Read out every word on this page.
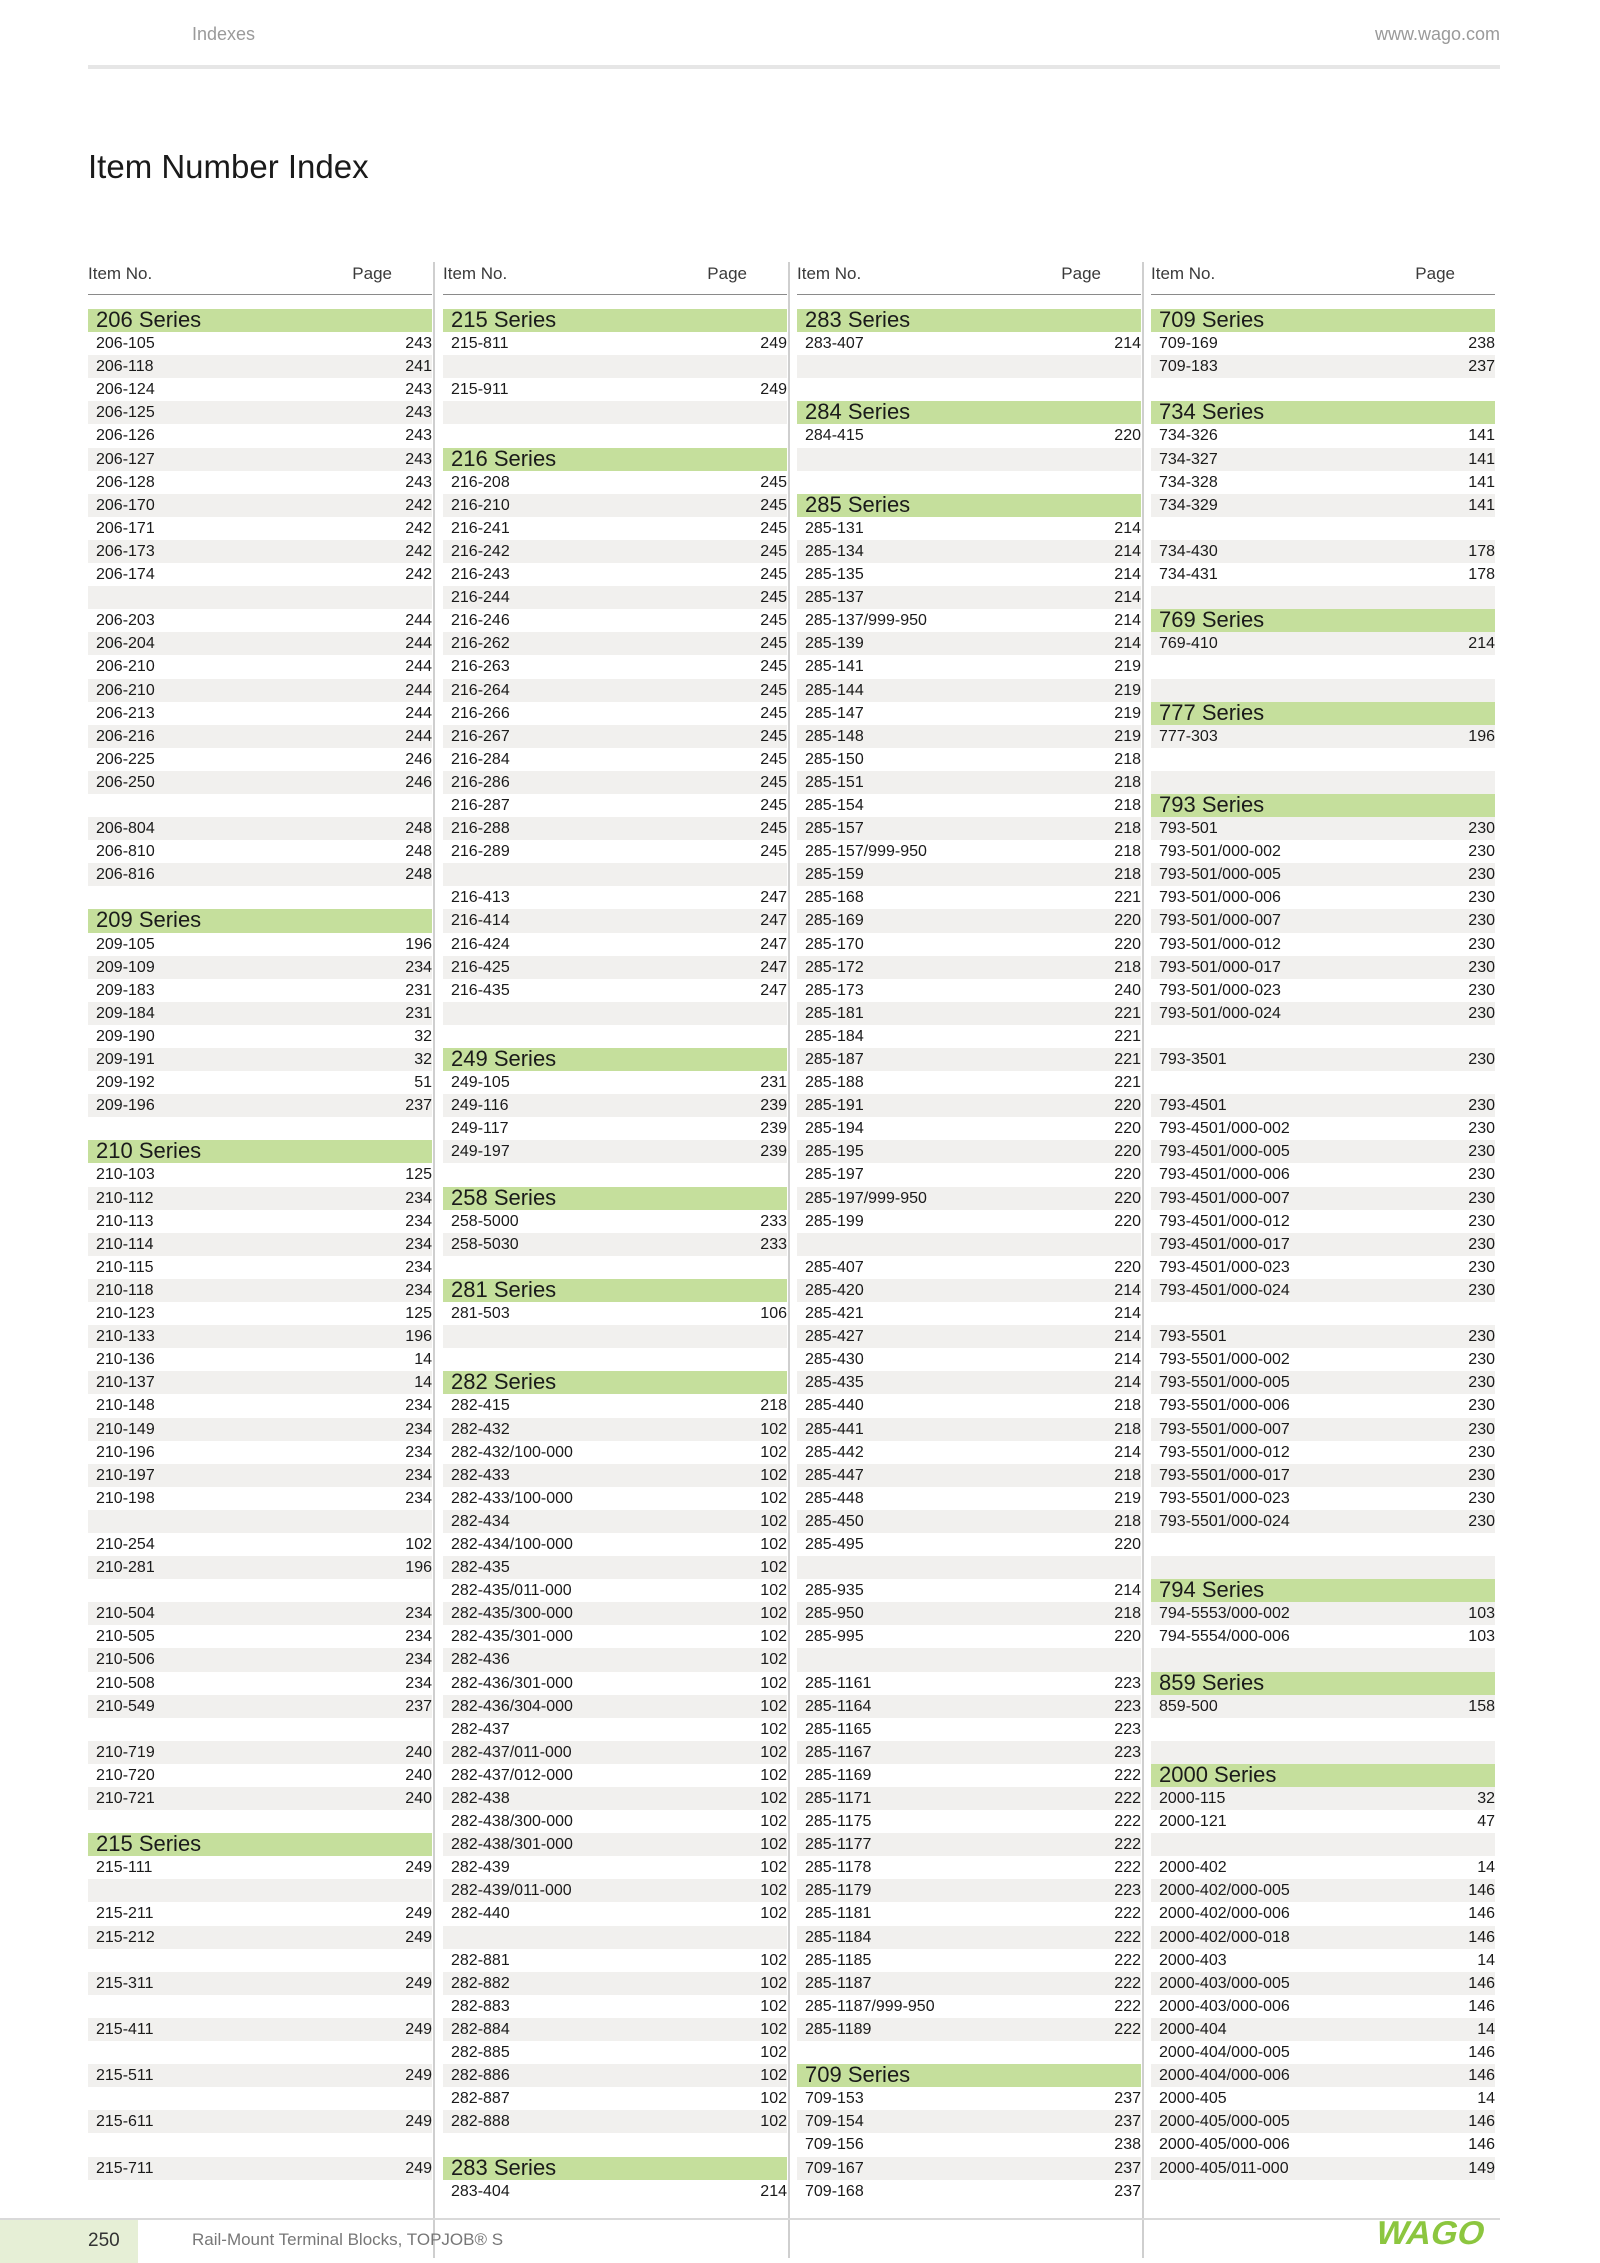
Indexes	www.wago.com
Item Number Index
Item No.	Page
206 Series
206-105	243
206-118	241
206-124	243
206-125	243
206-126	243
206-127	243
206-128	243
206-170	242
206-171	242
206-173	242
206-174	242
206-203	244
206-204	244
206-210	244
206-210	244
206-213	244
206-216	244
206-225	246
206-250	246
206-804	248
206-810	248
206-816	248
209 Series
209-105	196
209-109	234
209-183	231
209-184	231
209-190	32
209-191	32
209-192	51
209-196	237
210 Series
210-103	125
210-112	234
210-113	234
210-114	234
210-115	234
210-118	234
210-123	125
210-133	196
210-136	14
210-137	14
210-148	234
210-149	234
210-196	234
210-197	234
210-198	234
210-254	102
210-281	196
210-504	234
210-505	234
210-506	234
210-508	234
210-549	237
210-719	240
210-720	240
210-721	240
215 Series
215-111	249
215-211	249
215-212	249
215-311	249
215-411	249
215-511	249
215-611	249
215-711	249
Item No.	Page
215 Series
215-811	249
215-911	249
216 Series
216-208	245
216-210	245
216-241	245
216-242	245
216-243	245
216-244	245
216-246	245
216-262	245
216-263	245
216-264	245
216-266	245
216-267	245
216-284	245
216-286	245
216-287	245
216-288	245
216-289	245
216-413	247
216-414	247
216-424	247
216-425	247
216-435	247
249 Series
249-105	231
249-116	239
249-117	239
249-197	239
258 Series
258-5000	233
258-5030	233
281 Series
281-503	106
282 Series
282-415	218
282-432	102
282-432/100-000	102
282-433	102
282-433/100-000	102
282-434	102
282-434/100-000	102
282-435	102
282-435/011-000	102
282-435/300-000	102
282-435/301-000	102
282-436	102
282-436/301-000	102
282-436/304-000	102
282-437	102
282-437/011-000	102
282-437/012-000	102
282-438	102
282-438/300-000	102
282-438/301-000	102
282-439	102
282-439/011-000	102
282-440	102
282-881	102
282-882	102
282-883	102
282-884	102
282-885	102
282-886	102
282-887	102
282-888	102
283 Series
283-404	214
Item No.	Page
283 Series
283-407	214
284 Series
284-415	220
285 Series
285-131	214
285-134	214
285-135	214
285-137	214
285-137/999-950	214
285-139	214
285-141	219
285-144	219
285-147	219
285-148	219
285-150	218
285-151	218
285-154	218
285-157	218
285-157/999-950	218
285-159	218
285-168	221
285-169	220
285-170	220
285-172	218
285-173	240
285-181	221
285-184	221
285-187	221
285-188	221
285-191	220
285-194	220
285-195	220
285-197	220
285-197/999-950	220
285-199	220
285-407	220
285-420	214
285-421	214
285-427	214
285-430	214
285-435	214
285-440	218
285-441	218
285-442	214
285-447	218
285-448	219
285-450	218
285-495	220
285-935	214
285-950	218
285-995	220
285-1161	223
285-1164	223
285-1165	223
285-1167	223
285-1169	222
285-1171	222
285-1175	222
285-1177	222
285-1178	222
285-1179	223
285-1181	222
285-1184	222
285-1185	222
285-1187	222
285-1187/999-950	222
285-1189	222
709 Series
709-153	237
709-154	237
709-156	238
709-167	237
709-168	237
Item No.	Page
709 Series
709-169	238
709-183	237
734 Series
734-326	141
734-327	141
734-328	141
734-329	141
734-430	178
734-431	178
769 Series
769-410	214
777 Series
777-303	196
793 Series
793-501	230
793-501/000-002	230
793-501/000-005	230
793-501/000-006	230
793-501/000-007	230
793-501/000-012	230
793-501/000-017	230
793-501/000-023	230
793-501/000-024	230
793-3501	230
793-4501	230
793-4501/000-002	230
793-4501/000-005	230
793-4501/000-006	230
793-4501/000-007	230
793-4501/000-012	230
793-4501/000-017	230
793-4501/000-023	230
793-4501/000-024	230
793-5501	230
793-5501/000-002	230
793-5501/000-005	230
793-5501/000-006	230
793-5501/000-007	230
793-5501/000-012	230
793-5501/000-017	230
793-5501/000-023	230
793-5501/000-024	230
794 Series
794-5553/000-002	103
794-5554/000-006	103
859 Series
859-500	158
2000 Series
2000-115	32
2000-121	47
2000-402	14
2000-402/000-005	146
2000-402/000-006	146
2000-402/000-018	146
2000-403	14
2000-403/000-005	146
2000-403/000-006	146
2000-404	14
2000-404/000-005	146
2000-404/000-006	146
2000-405	14
2000-405/000-005	146
2000-405/000-006	146
2000-405/011-000	149
250	Rail-Mount Terminal Blocks, TOPJOB® S	WAGO
